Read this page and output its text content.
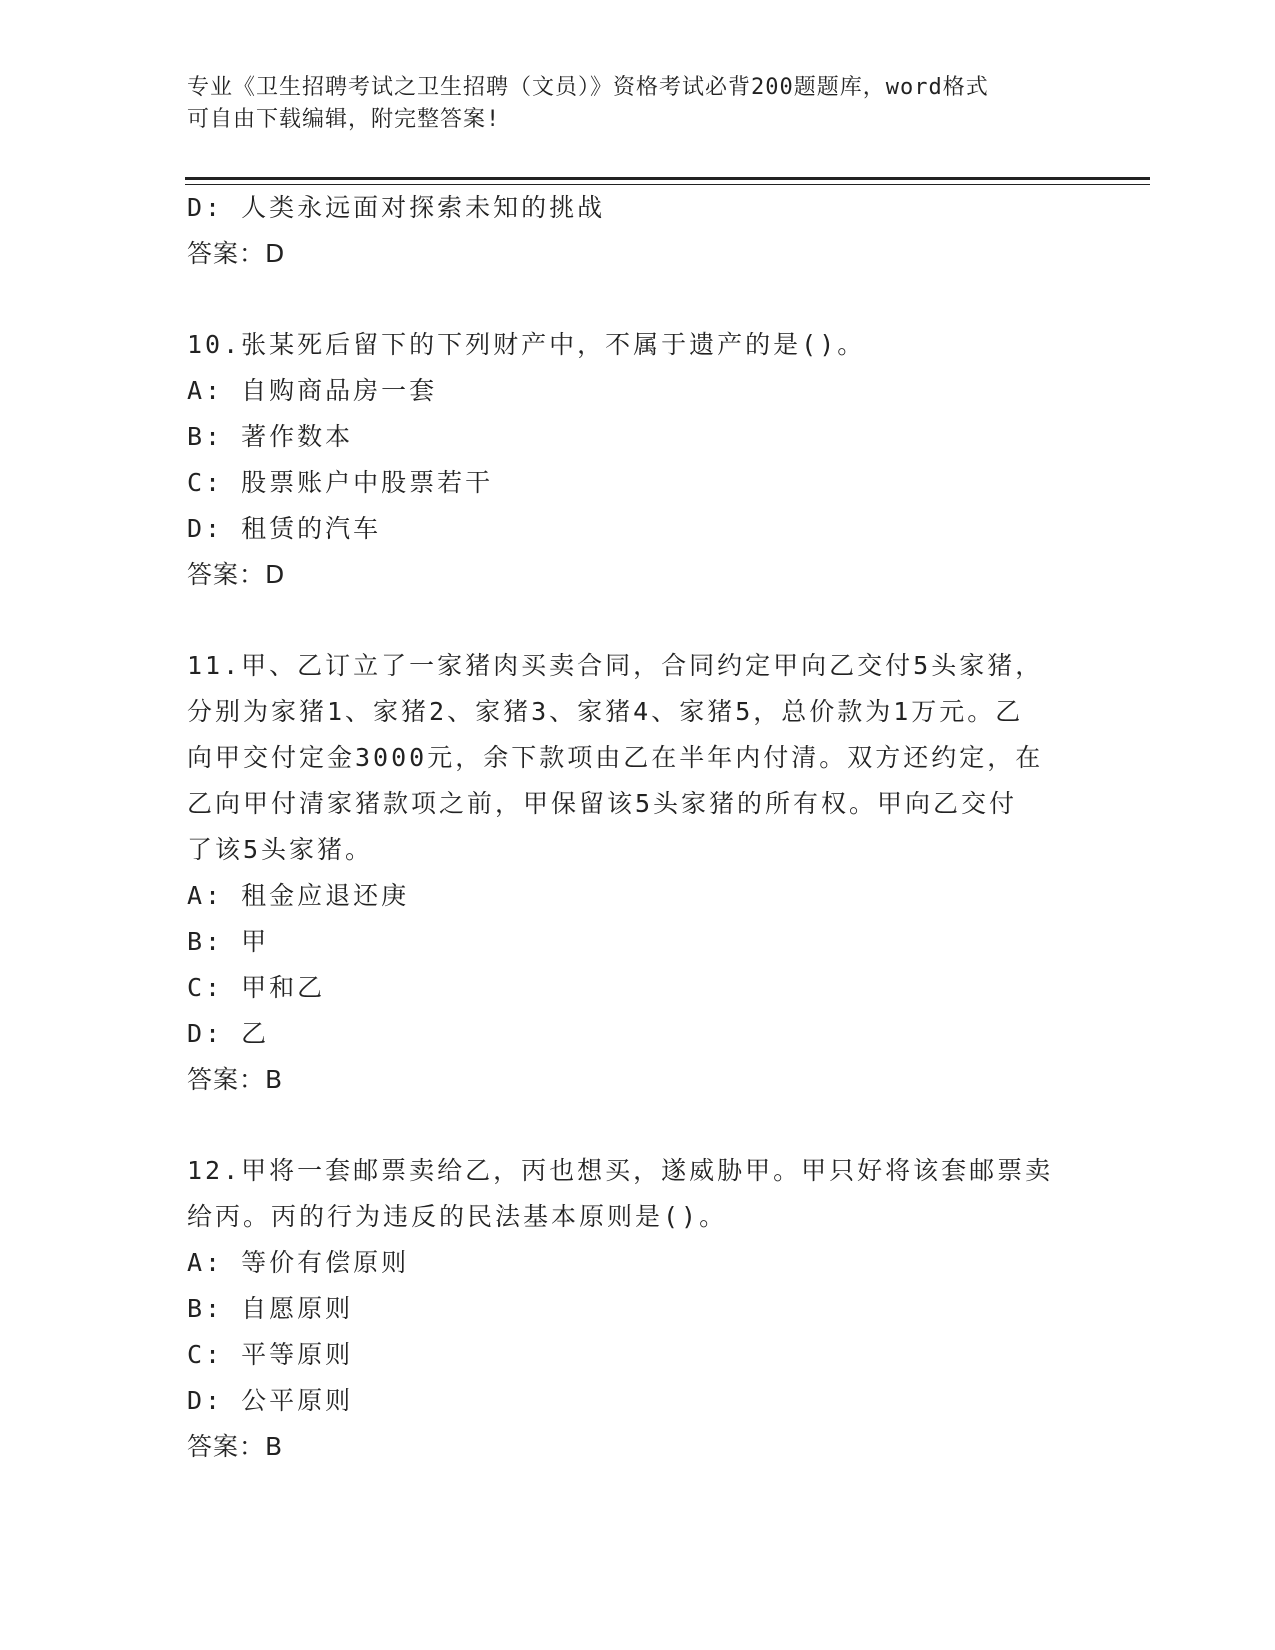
专业《卫生招聘考试之卫生招聘（文员）》资格考试必背200题题库，word格式
可自由下载编辑，附完整答案!
D: 人类永远面对探索未知的挑战
答案：D
10.张某死后留下的下列财产中，不属于遗产的是()。
A: 自购商品房一套
B: 著作数本
C: 股票账户中股票若干
D: 租赁的汽车
答案：D
11.甲、乙订立了一家猪肉买卖合同，合同约定甲向乙交付5头家猪，
分别为家猪1、家猪2、家猪3、家猪4、家猪5，总价款为1万元。乙
向甲交付定金3000元，余下款项由乙在半年内付清。双方还约定，在
乙向甲付清家猪款项之前，甲保留该5头家猪的所有权。甲向乙交付
了该5头家猪。
A: 租金应退还庚
B: 甲
C: 甲和乙
D: 乙
答案：B
12.甲将一套邮票卖给乙，丙也想买，遂威胁甲。甲只好将该套邮票卖
给丙。丙的行为违反的民法基本原则是()。
A: 等价有偿原则
B: 自愿原则
C: 平等原则
D: 公平原则
答案：B
